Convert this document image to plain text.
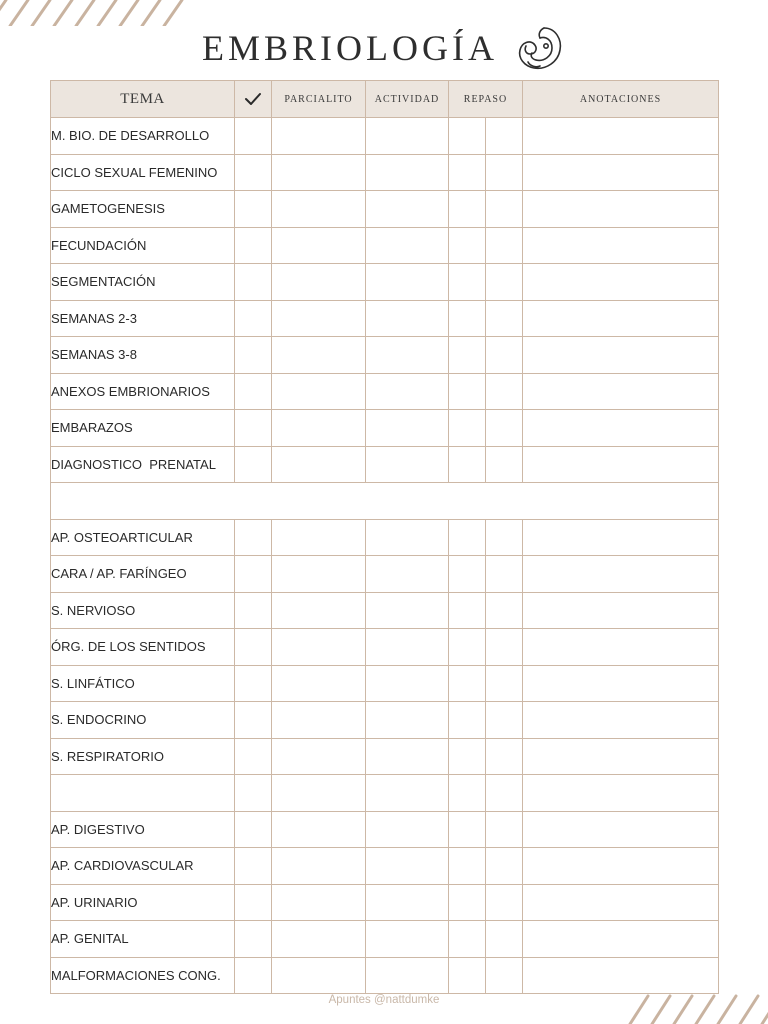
EMBRIOLOGÍA
TEMA		PARCIALITO	ACTIVIDAD	REPASO		ANOTACIONES
M. BIO. DE DESARROLLO						
CICLO SEXUAL FEMENINO						
GAMETOGENESIS						
FECUNDACIÓN						
SEGMENTACIÓN						
SEMANAS 2-3						
SEMANAS 3-8						
ANEXOS EMBRIONARIOS						
EMBARAZOS						
DIAGNOSTICO  PRENATAL						

AP. OSTEOARTICULAR						
CARA / AP. FARÍNGEO						
S. NERVIOSO						
ÓRG. DE LOS SENTIDOS						
S. LINFÁTICO						
S. ENDOCRINO						
S. RESPIRATORIO						

AP. DIGESTIVO						
AP. CARDIOVASCULAR						
AP. URINARIO						
AP. GENITAL						
MALFORMACIONES CONG.						
Apuntes @nattdumke
